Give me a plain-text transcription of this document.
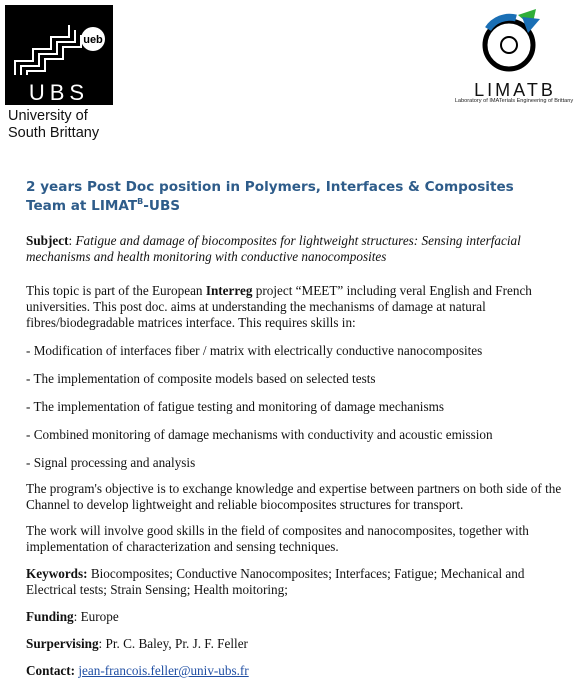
ueb
UBS
University of
South Brittany
LIMATB
Laboratory of IMATerials Engineering of Brittany
2 years Post Doc position in Polymers, Interfaces & Composites
Team at $LIMAT^B$-UBS

Subject: Fatigue and damage of biocomposites for lightweight structures: Sensing interfacial mechanisms and health monitoring with conductive nanocomposites

This topic is part of the European Interreg project “MEET” including veral English and French universities. This post doc. aims at understanding the mechanisms of damage at natural fibres/biodegradable matrices interface. This requires skills in:

- Modification of interfaces fiber / matrix with electrically conductive nanocomposites

- The implementation of composite models based on selected tests

- The implementation of fatigue testing and monitoring of damage mechanisms

- Combined monitoring of damage mechanisms with conductivity and acoustic emission

- Signal processing and analysis

The program's objective is to exchange knowledge and expertise between partners on both side of the Channel to develop lightweight and reliable biocomposites structures for transport.

The work will involve good skills in the field of composites and nanocomposites, together with implementation of characterization and sensing techniques.

Keywords: Biocomposites; Conductive Nanocomposites; Interfaces; Fatigue; Mechanical and Electrical tests; Strain Sensing; Health moitoring;

Funding: Europe

Surpervising: Pr. C. Baley, Pr. J. F. Feller

Contact: jean-francois.feller@univ-ubs.fr
